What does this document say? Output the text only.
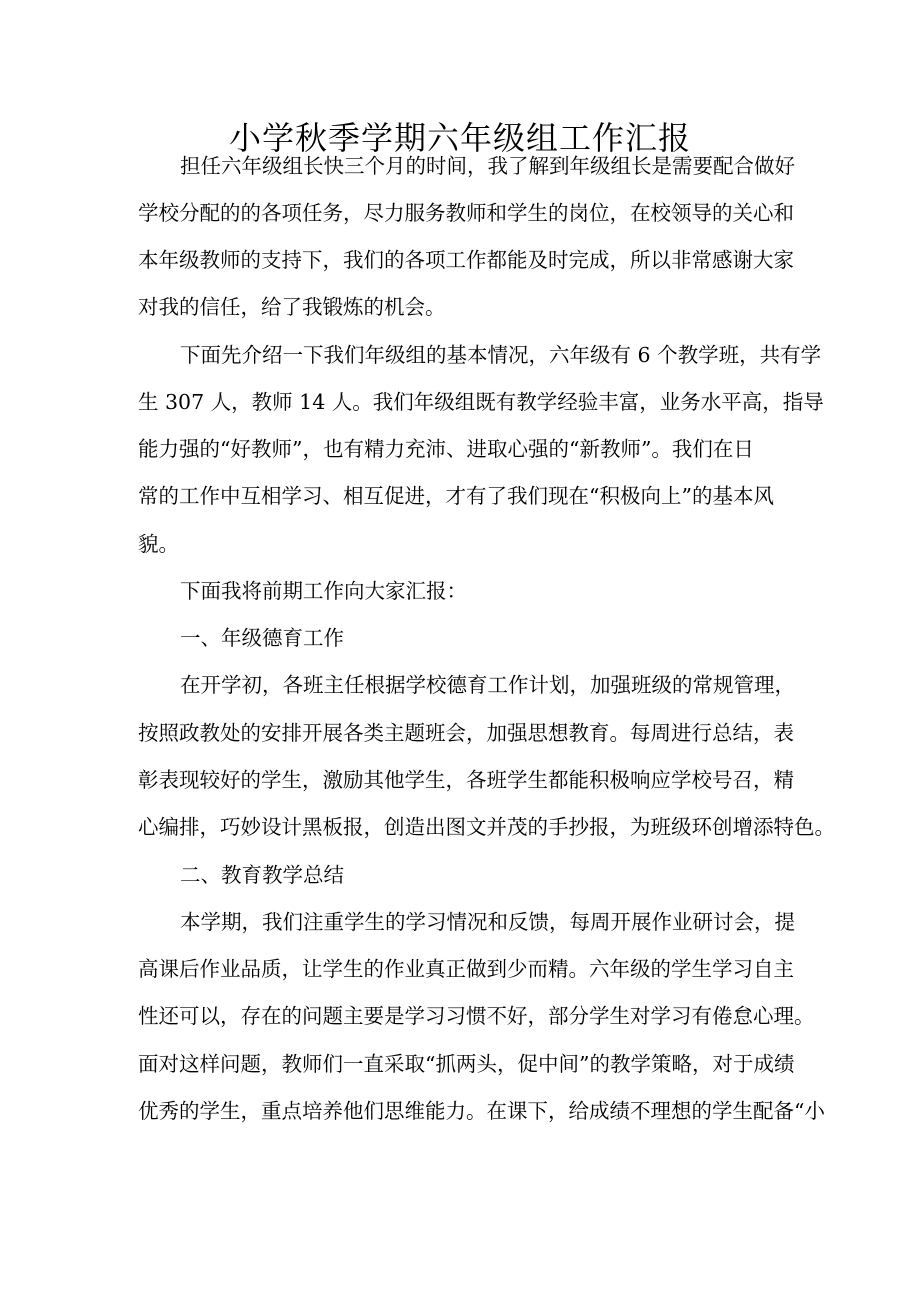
小学秋季学期六年级组工作汇报
担任六年级组长快三个月的时间，我了解到年级组长是需要配合做好
学校分配的的各项任务，尽力服务教师和学生的岗位，在校领导的关心和
本年级教师的支持下，我们的各项工作都能及时完成，所以非常感谢大家
对我的信任，给了我锻炼的机会。
下面先介绍一下我们年级组的基本情况，六年级有 6 个教学班，共有学
生 307 人，教师 14 人。我们年级组既有教学经验丰富，业务水平高，指导
能力强的“好教师”，也有精力充沛、进取心强的“新教师”。我们在日
常的工作中互相学习、相互促进，才有了我们现在“积极向上”的基本风
貌。
下面我将前期工作向大家汇报：
一、年级德育工作
在开学初，各班主任根据学校德育工作计划，加强班级的常规管理，
按照政教处的安排开展各类主题班会，加强思想教育。每周进行总结，表
彰表现较好的学生，激励其他学生，各班学生都能积极响应学校号召，精
心编排，巧妙设计黑板报，创造出图文并茂的手抄报，为班级环创增添特色。
二、教育教学总结
本学期，我们注重学生的学习情况和反馈，每周开展作业研讨会，提
高课后作业品质，让学生的作业真正做到少而精。六年级的学生学习自主
性还可以，存在的问题主要是学习习惯不好，部分学生对学习有倦怠心理。
面对这样问题，教师们一直采取“抓两头，促中间”的教学策略，对于成绩
优秀的学生，重点培养他们思维能力。在课下，给成绩不理想的学生配备“小
